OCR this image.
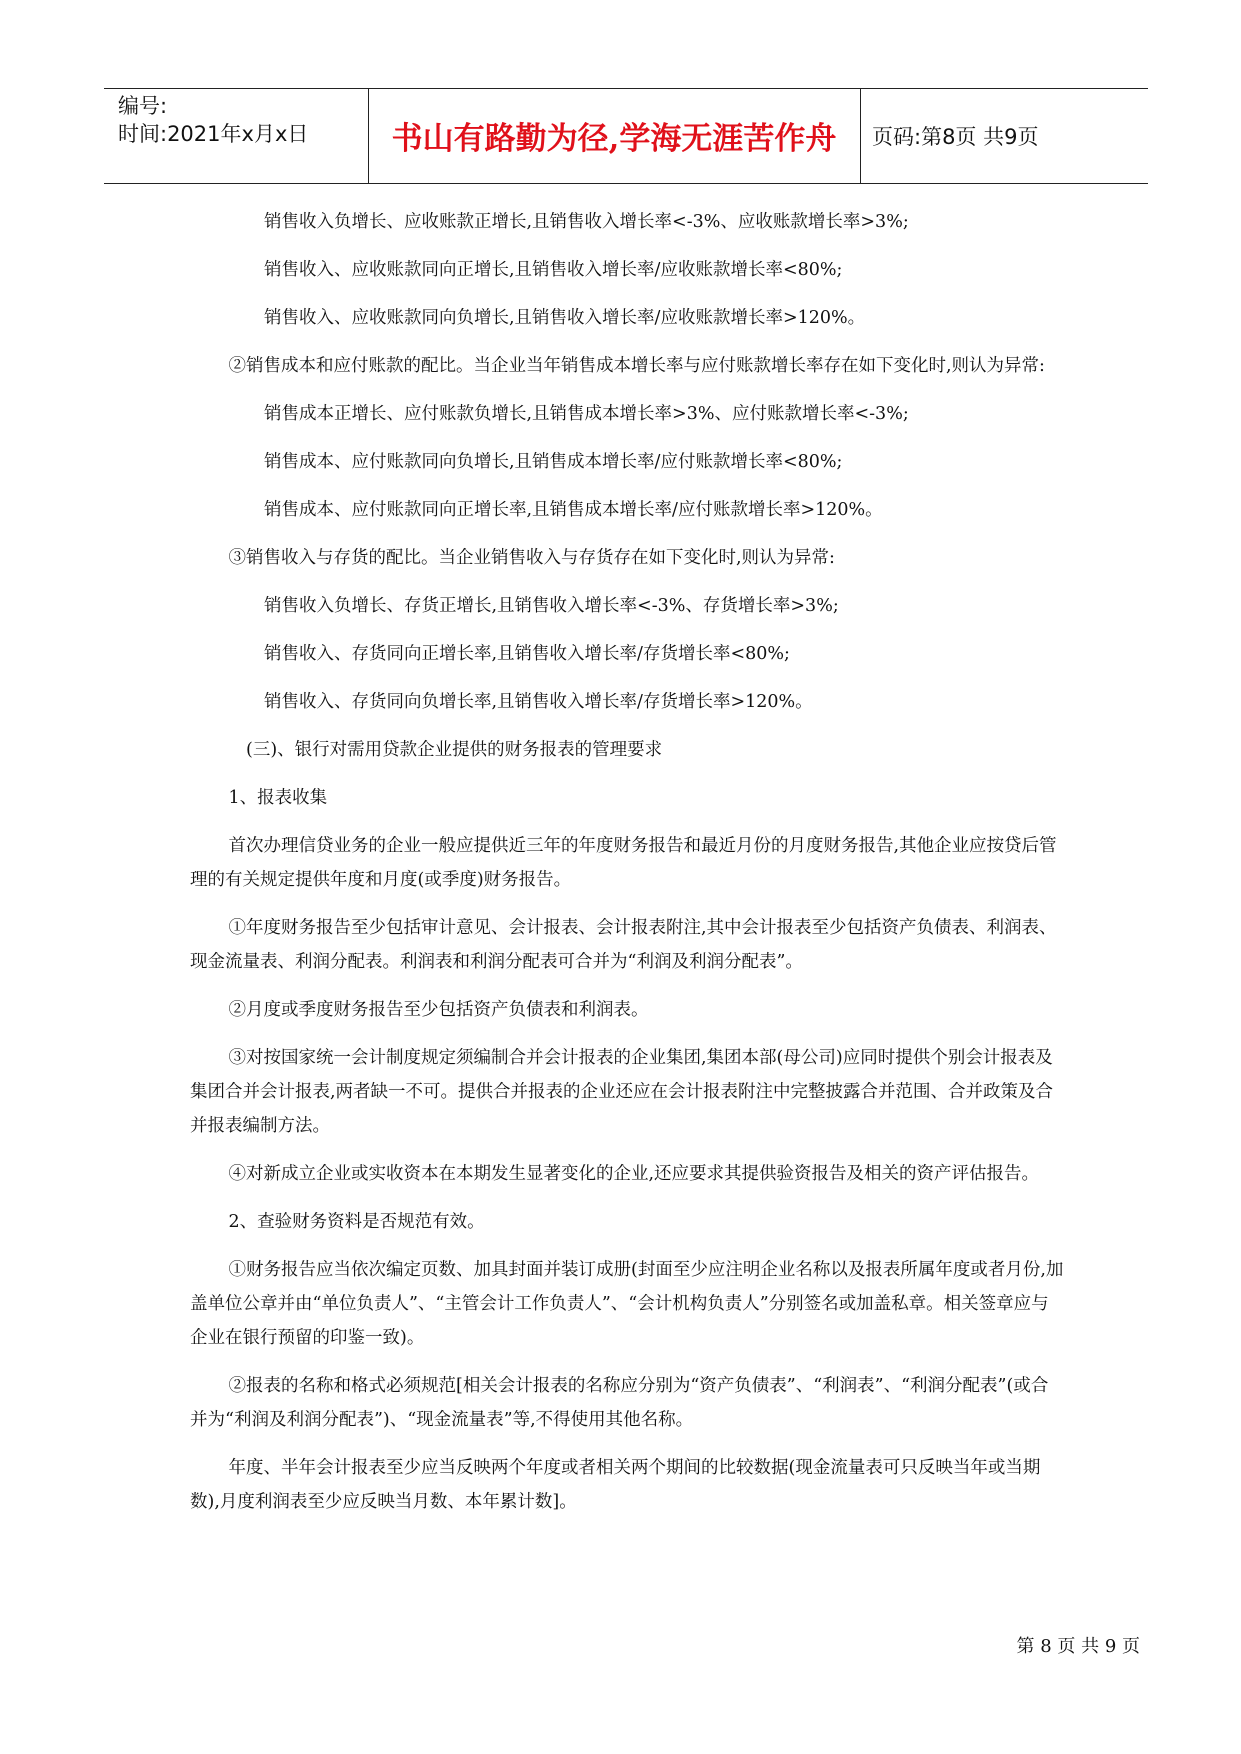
编号:
时间:2021年x月x日	书山有路勤为径,学海无涯苦作舟	页码:第8页 共9页

销售收入负增长、应收账款正增长,且销售收入增长率<-3%、应收账款增长率>3%;

销售收入、应收账款同向正增长,且销售收入增长率/应收账款增长率<80%;

销售收入、应收账款同向负增长,且销售收入增长率/应收账款增长率>120%。

②销售成本和应付账款的配比。当企业当年销售成本增长率与应付账款增长率存在如下变化时,则认为异常:

销售成本正增长、应付账款负增长,且销售成本增长率>3%、应付账款增长率<-3%;

销售成本、应付账款同向负增长,且销售成本增长率/应付账款增长率<80%;

销售成本、应付账款同向正增长率,且销售成本增长率/应付账款增长率>120%。

③销售收入与存货的配比。当企业销售收入与存货存在如下变化时,则认为异常:

销售收入负增长、存货正增长,且销售收入增长率<-3%、存货增长率>3%;

销售收入、存货同向正增长率,且销售收入增长率/存货增长率<80%;

销售收入、存货同向负增长率,且销售收入增长率/存货增长率>120%。

(三)、银行对需用贷款企业提供的财务报表的管理要求

1、报表收集

首次办理信贷业务的企业一般应提供近三年的年度财务报告和最近月份的月度财务报告,其他企业应按贷后管理的有关规定提供年度和月度(或季度)财务报告。

①年度财务报告至少包括审计意见、会计报表、会计报表附注,其中会计报表至少包括资产负债表、利润表、现金流量表、利润分配表。利润表和利润分配表可合并为“利润及利润分配表”。

②月度或季度财务报告至少包括资产负债表和利润表。

③对按国家统一会计制度规定须编制合并会计报表的企业集团,集团本部(母公司)应同时提供个别会计报表及集团合并会计报表,两者缺一不可。提供合并报表的企业还应在会计报表附注中完整披露合并范围、合并政策及合并报表编制方法。

④对新成立企业或实收资本在本期发生显著变化的企业,还应要求其提供验资报告及相关的资产评估报告。

2、查验财务资料是否规范有效。

①财务报告应当依次编定页数、加具封面并装订成册(封面至少应注明企业名称以及报表所属年度或者月份,加盖单位公章并由“单位负责人”、“主管会计工作负责人”、“会计机构负责人”分别签名或加盖私章。相关签章应与企业在银行预留的印鉴一致)。

②报表的名称和格式必须规范[相关会计报表的名称应分别为“资产负债表”、“利润表”、“利润分配表”(或合并为“利润及利润分配表”)、“现金流量表”等,不得使用其他名称。

年度、半年会计报表至少应当反映两个年度或者相关两个期间的比较数据(现金流量表可只反映当年或当期数),月度利润表至少应反映当月数、本年累计数]。

第 8 页 共 9 页
